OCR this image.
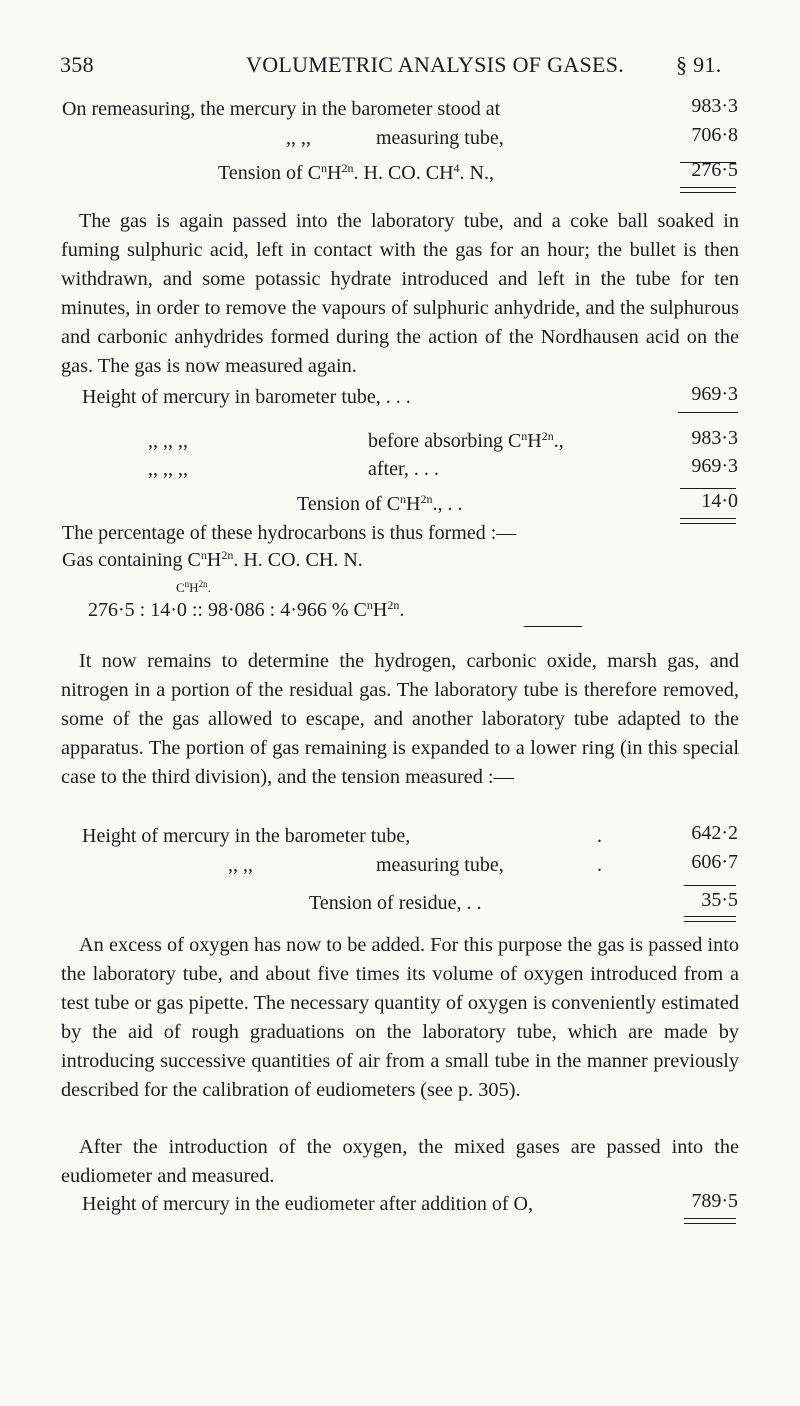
358	VOLUMETRIC ANALYSIS OF GASES. § 91.
On remeasuring, the mercury in the barometer stood at	983·3
,, ,,	measuring tube,	706·8
Tension of $C^nH^{2n}$. H. CO. $CH^4$. N.,	276·5
The gas is again passed into the laboratory tube, and a coke ball soaked in fuming sulphuric acid, left in contact with the gas for an hour; the bullet is then withdrawn, and some potassic hydrate introduced and left in the tube for ten minutes, in order to remove the vapours of sulphuric anhydride, and the sulphurous and carbonic anhydrides formed during the action of the Nordhausen acid on the gas. The gas is now measured again.
Height of mercury in barometer tube, . . .	969·3
,, ,, ,,	before absorbing $C^nH^{2n}$.,	983·3
,, ,, ,,	after, . . .	969·3
Tension of $C^nH^{2n}$., . .	14·0
The percentage of these hydrocarbons is thus formed :—
Gas containing $C^nH^{2n}$. H. CO. CH. N.
$C^nH^{2n}$.
276·5 : 14·0 :: 98·086 : 4·966 % $C^nH^{2n}$.
It now remains to determine the hydrogen, carbonic oxide, marsh gas, and nitrogen in a portion of the residual gas. The laboratory tube is therefore removed, some of the gas allowed to escape, and another laboratory tube adapted to the apparatus. The portion of gas remaining is expanded to a lower ring (in this special case to the third division), and the tension measured :—
Height of mercury in the barometer tube,	.	642·2
,, ,,	measuring tube,	.	606·7
Tension of residue, . .	35·5
An excess of oxygen has now to be added. For this purpose the gas is passed into the laboratory tube, and about five times its volume of oxygen introduced from a test tube or gas pipette. The necessary quantity of oxygen is conveniently estimated by the aid of rough graduations on the laboratory tube, which are made by introducing successive quantities of air from a small tube in the manner previously described for the calibration of eudiometers (see p. 305).
After the introduction of the oxygen, the mixed gases are passed into the eudiometer and measured.
Height of mercury in the eudiometer after addition of O,	789·5
